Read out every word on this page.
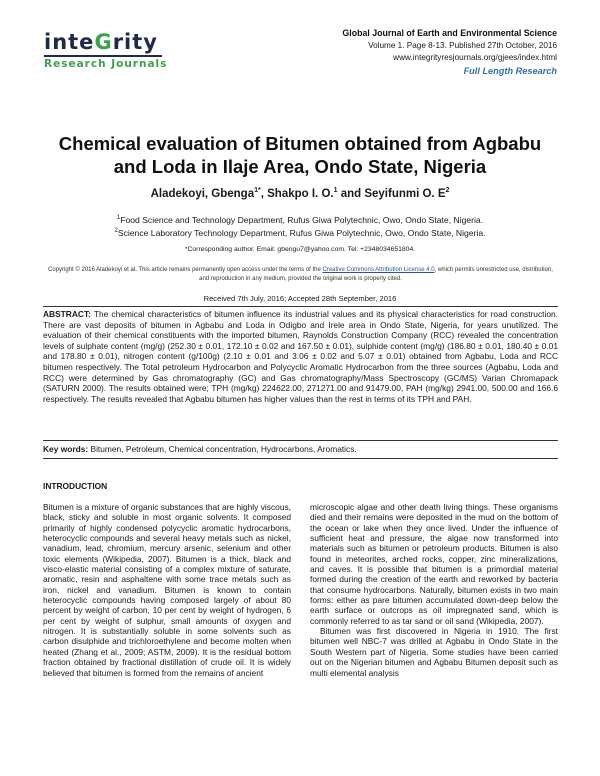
inteGrity
Research Journals
Global Journal of Earth and Environmental Science
Volume 1. Page 8-13. Published 27th October, 2016
www.integrityresjournals.org/gjees/index.html
Full Length Research
Chemical evaluation of Bitumen obtained from Agbabu and Loda in Ilaje Area, Ondo State, Nigeria
Aladekoyi, Gbenga$^{1*}$, Shakpo I. O.$^1$ and Seyifunmi O. $E^2$
$^1$Food Science and Technology Department, Rufus Giwa Polytechnic, Owo, Ondo State, Nigeria.
$^2$Science Laboratory Technology Department, Rufus Giwa Polytechnic, Owo, Ondo State, Nigeria.
*Corresponding author. Email: gbengu7@yahoo.com. Tel: +2348034651804.
Copyright © 2016 Aladekoyi et al. This article remains permanently open access under the terms of the Creative Commons Attribution License 4.0, which permits unrestricted use, distribution, and reproduction in any medium, provided the original work is properly cited.
Received 7th July, 2016; Accepted 28th September, 2016
ABSTRACT: The chemical characteristics of bitumen influence its industrial values and its physical characteristics for road construction. There are vast deposits of bitumen in Agbabu and Loda in Odigbo and Irele area in Ondo State, Nigeria, for years unutilized. The evaluation of their chemical constituents with the imported bitumen, Raynolds Construction Company (RCC) revealed the concentration levels of sulphate content (mg/g) (252.30 ± 0.01, 172.10 ± 0.02 and 167.50 ± 0.01), sulphide content (mg/g) (186.80 ± 0.01, 180.40 ± 0.01 and 178.80 ± 0.01), nitrogen content (g/100g) (2.10 ± 0.01 and 3.06 ± 0.02 and 5.07 ± 0.01) obtained from Agbabu, Loda and RCC bitumen respectively. The Total petroleum Hydrocarbon and Polycyclic Aromatic Hydrocarbon from the three sources (Agbabu, Loda and RCC) were determined by Gas chromatography (GC) and Gas chromatography/Mass Spectroscopy (GC/MS) Varian Chromapack (SATURN 2000). The results obtained were; TPH (mg/kg) 224622.00, 271271.00 and 91479.00, PAH (mg/kg) 2941.00, 500.00 and 166.6 respectively. The results revealed that Agbabu bitumen has higher values than the rest in terms of its TPH and PAH.
Key words: Bitumen, Petroleum, Chemical concentration, Hydrocarbons, Aromatics.
INTRODUCTION

Bitumen is a mixture of organic substances that are highly viscous, black, sticky and soluble in most organic solvents. It composed primarily of highly condensed polycyclic aromatic hydrocarbons, heterocyclic compounds and several heavy metals such as nickel, vanadium, lead, chromium, mercury arsenic, selenium and other toxic elements (Wikipedia, 2007). Bitumen is a thick, black and visco-elastic material consisting of a complex mixture of saturate, aromatic, resin and asphaltene with some trace metals such as iron, nickel and vanadium. Bitumen is known to contain heterocyclic compounds having composed largely of about 80 percent by weight of carbon, 10 per cent by weight of hydrogen, 6 per cent by weight of sulphur, small amounts of oxygen and nitrogen. It is substantially soluble in some solvents such as carbon disulphide and trichloroethylene and become molten when heated (Zhang et al., 2009; ASTM, 2009). It is the residual bottom fraction obtained by fractional distillation of crude oil. It is widely believed that bitumen is formed from the remains of ancient

microscopic algae and other death living things. These organisms died and their remains were deposited in the mud on the bottom of the ocean or lake when they once lived. Under the influence of sufficient heat and pressure, the algae now transformed into materials such as bitumen or petroleum products. Bitumen is also found in meteorites, arched rocks, copper, zinc mineralizations, and caves. It is possible that bitumen is a primordial material formed during the creation of the earth and reworked by bacteria that consume hydrocarbons. Naturally, bitumen exists in two main forms: either as pare bitumen accumulated down-deep below the earth surface or outcrops as oil impregnated sand, which is commonly referred to as tar sand or oil sand (Wikipedia, 2007).

Bitumen was first discovered in Nigeria in 1910. The first bitumen well NBC-7 was drilled at Agbabu in Ondo State in the South Western part of Nigeria. Some studies have been carried out on the Nigerian bitumen and Agbabu Bitumen deposit such as multi elemental analysis
